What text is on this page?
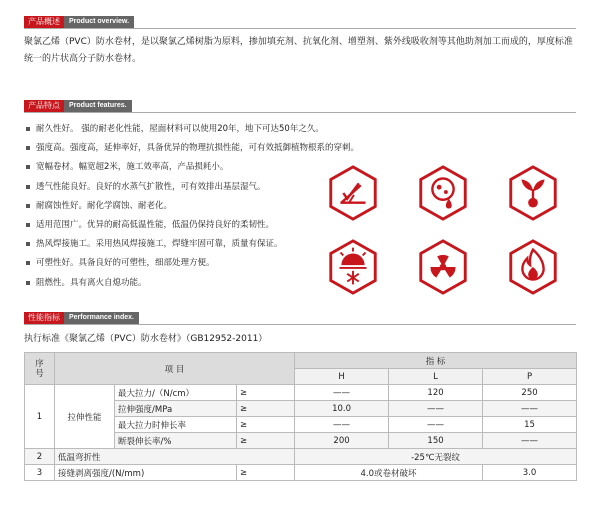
产品概述	Product overview.

聚氯乙烯（PVC）防水卷材，是以聚氯乙烯树脂为原料，掺加填充剂、抗氧化剂、增塑剂、紫外线吸收剂等其他助剂加工而成的，厚度标准统一的片状高分子防水卷材。

产品特点	Product features.
耐久性好。 强的耐老化性能，屋面材料可以使用20年，地下可达50年之久。
强度高。强度高，延伸率好，具备优异的物理抗损性能，可有效抵御植物根系的穿刺。
宽幅卷材。幅宽超2米，施工效率高，产品损耗小。
透气性能良好。良好的水蒸气扩散性，可有效排出基层湿气。
耐腐蚀性好。耐化学腐蚀、耐老化。
适用范围广。优异的耐高低温性能，低温仍保持良好的柔韧性。
热风焊接施工。采用热风焊接施工，焊缝牢固可靠，质量有保证。
可塑性好。具备良好的可塑性，细部处理方便。
阻燃性。具有离火自熄功能。
性能指标	Performance index.

执行标准《聚氯乙烯（PVC）防水卷材》（GB12952-2011）

序
号	项 目			指 标		
				H	L	P
1	拉伸性能	最大拉力/（N/cm）	≥	——	120	250
		拉伸强度/MPa	≥	10.0	——	——
		最大拉力时伸长率	≥	——	——	15
		断裂伸长率/%	≥	200	150	——
2	低温弯折性			-25℃无裂纹		
3	接缝剥离强度/(N/mm)		≥	4.0或卷材破坏		3.0
